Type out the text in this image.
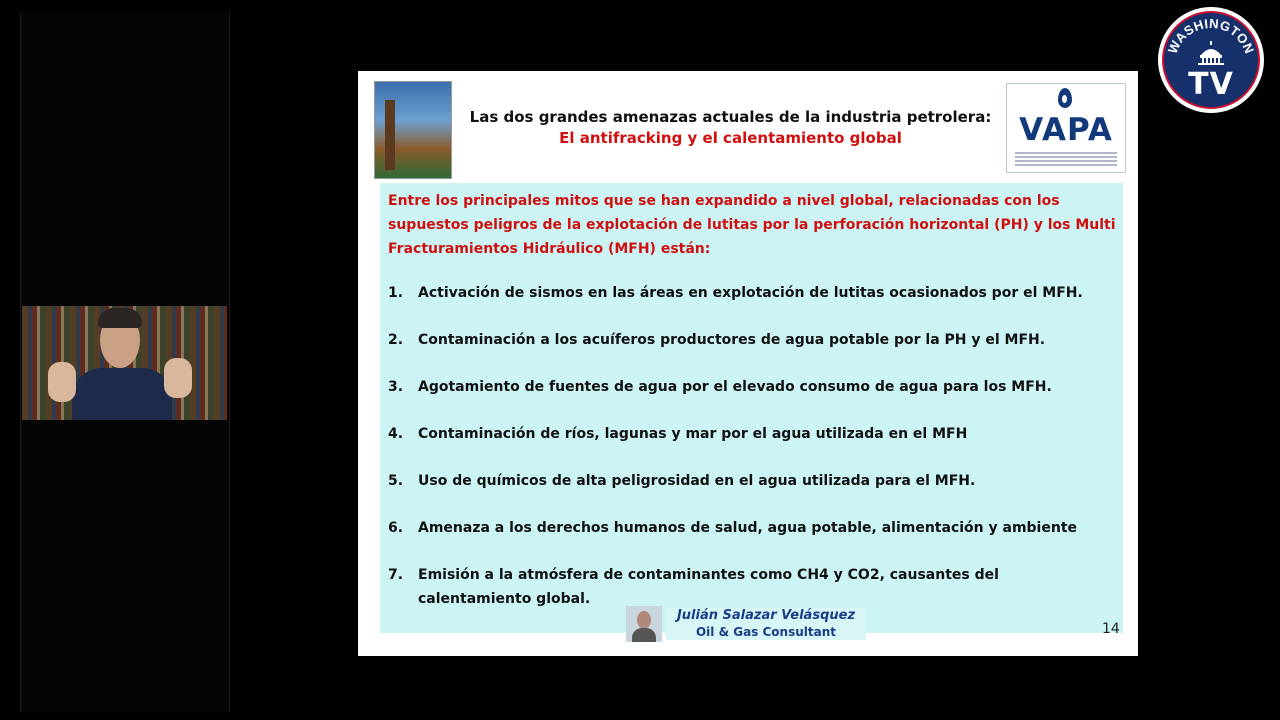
Las dos grandes amenazas actuales de la industria petrolera:
El antifracking y el calentamiento global	VAPA
Entre los principales mitos que se han expandido a nivel global, relacionadas con los supuestos peligros de la explotación de lutitas por la perforación horizontal (PH) y los Multi Fracturamientos Hidráulico (MFH) están:
1. Activación de sismos en las áreas en explotación de lutitas ocasionados por el MFH.
2. Contaminación a los acuíferos productores de agua potable por la PH y el MFH.
3. Agotamiento de fuentes de agua por el elevado consumo de agua para los MFH.
4. Contaminación de ríos, lagunas y mar por el agua utilizada en el MFH
5. Uso de químicos de alta peligrosidad en el agua utilizada para el MFH.
6. Amenaza a los derechos humanos de salud, agua potable, alimentación y ambiente
7. Emisión a la atmósfera de contaminantes como CH4 y CO2, causantes del calentamiento global.
Julián Salazar Velásquez
Oil & Gas Consultant	14
WASHINGTON
TV
